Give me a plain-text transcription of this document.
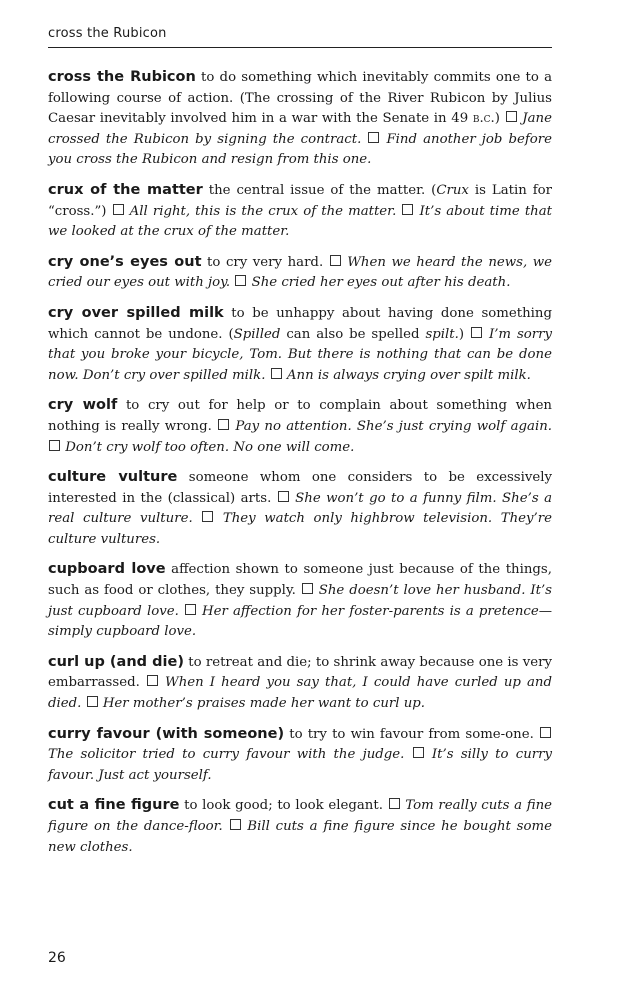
cross the Rubicon

cross the Rubicon to do something which inevitably commits one to a following course of action. (The crossing of the River Rubicon by Julius Caesar inevitably involved him in a war with the Senate in 49 b.c.)  Jane crossed the Rubicon by signing the contract.  Find another job before you cross the Rubicon and resign from this one.

crux of the matter the central issue of the matter. (Crux is Latin for “cross.”)  All right, this is the crux of the matter.  It’s about time that we looked at the crux of the matter.

cry one’s eyes out to cry very hard.  When we heard the news, we cried our eyes out with joy.  She cried her eyes out after his death.

cry over spilled milk to be unhappy about having done something which cannot be undone. (Spilled can also be spelled spilt.)  I’m sorry that you broke your bicycle, Tom. But there is nothing that can be done now. Don’t cry over spilled milk.  Ann is always crying over spilt milk.

cry wolf to cry out for help or to complain about something when nothing is really wrong.  Pay no attention. She’s just crying wolf again.  Don’t cry wolf too often. No one will come.

culture vulture someone whom one considers to be excessively interested in the (classical) arts.  She won’t go to a funny film. She’s a real culture vulture.  They watch only highbrow television. They’re culture vultures.

cupboard love affection shown to someone just because of the things, such as food or clothes, they supply.  She doesn’t love her husband. It’s just cupboard love.  Her affection for her foster-parents is a pretence—simply cupboard love.

curl up (and die) to retreat and die; to shrink away because one is very embarrassed.  When I heard you say that, I could have curled up and died.  Her mother’s praises made her want to curl up.

curry favour (with someone) to try to win favour from some-one.  The solicitor tried to curry favour with the judge.  It’s silly to curry favour. Just act yourself.

cut a fine figure to look good; to look elegant.  Tom really cuts a fine figure on the dance-floor.  Bill cuts a fine figure since he bought some new clothes.

26
